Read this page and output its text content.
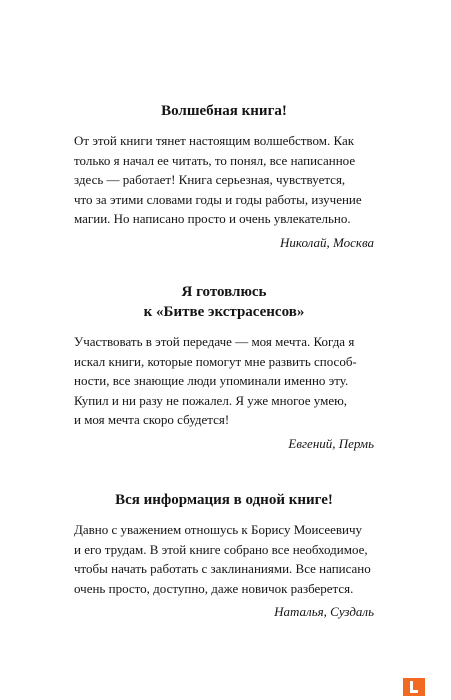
Волшебная книга!

От этой книги тянет настоящим волшебством. Как
только я начал ее читать, то понял, все написанное
здесь — работает! Книга серьезная, чувствуется,
что за этими словами годы и годы работы, изучение
магии. Но написано просто и очень увлекательно.

Николай, Москва
Я готовлюсь
к «Битве экстрасенсов»

Участвовать в этой передаче — моя мечта. Когда я
искал книги, которые помогут мне развить способ-
ности, все знающие люди упоминали именно эту.
Купил и ни разу не пожалел. Я уже многое умею,
и моя мечта скоро сбудется!

Евгений, Пермь
Вся информация в одной книге!

Давно с уважением отношусь к Борису Моисеевичу
и его трудам. В этой книге собрано все необходимое,
чтобы начать работать с заклинаниями. Все написано
очень просто, доступно, даже новичок разберется.

Наталья, Суздаль
